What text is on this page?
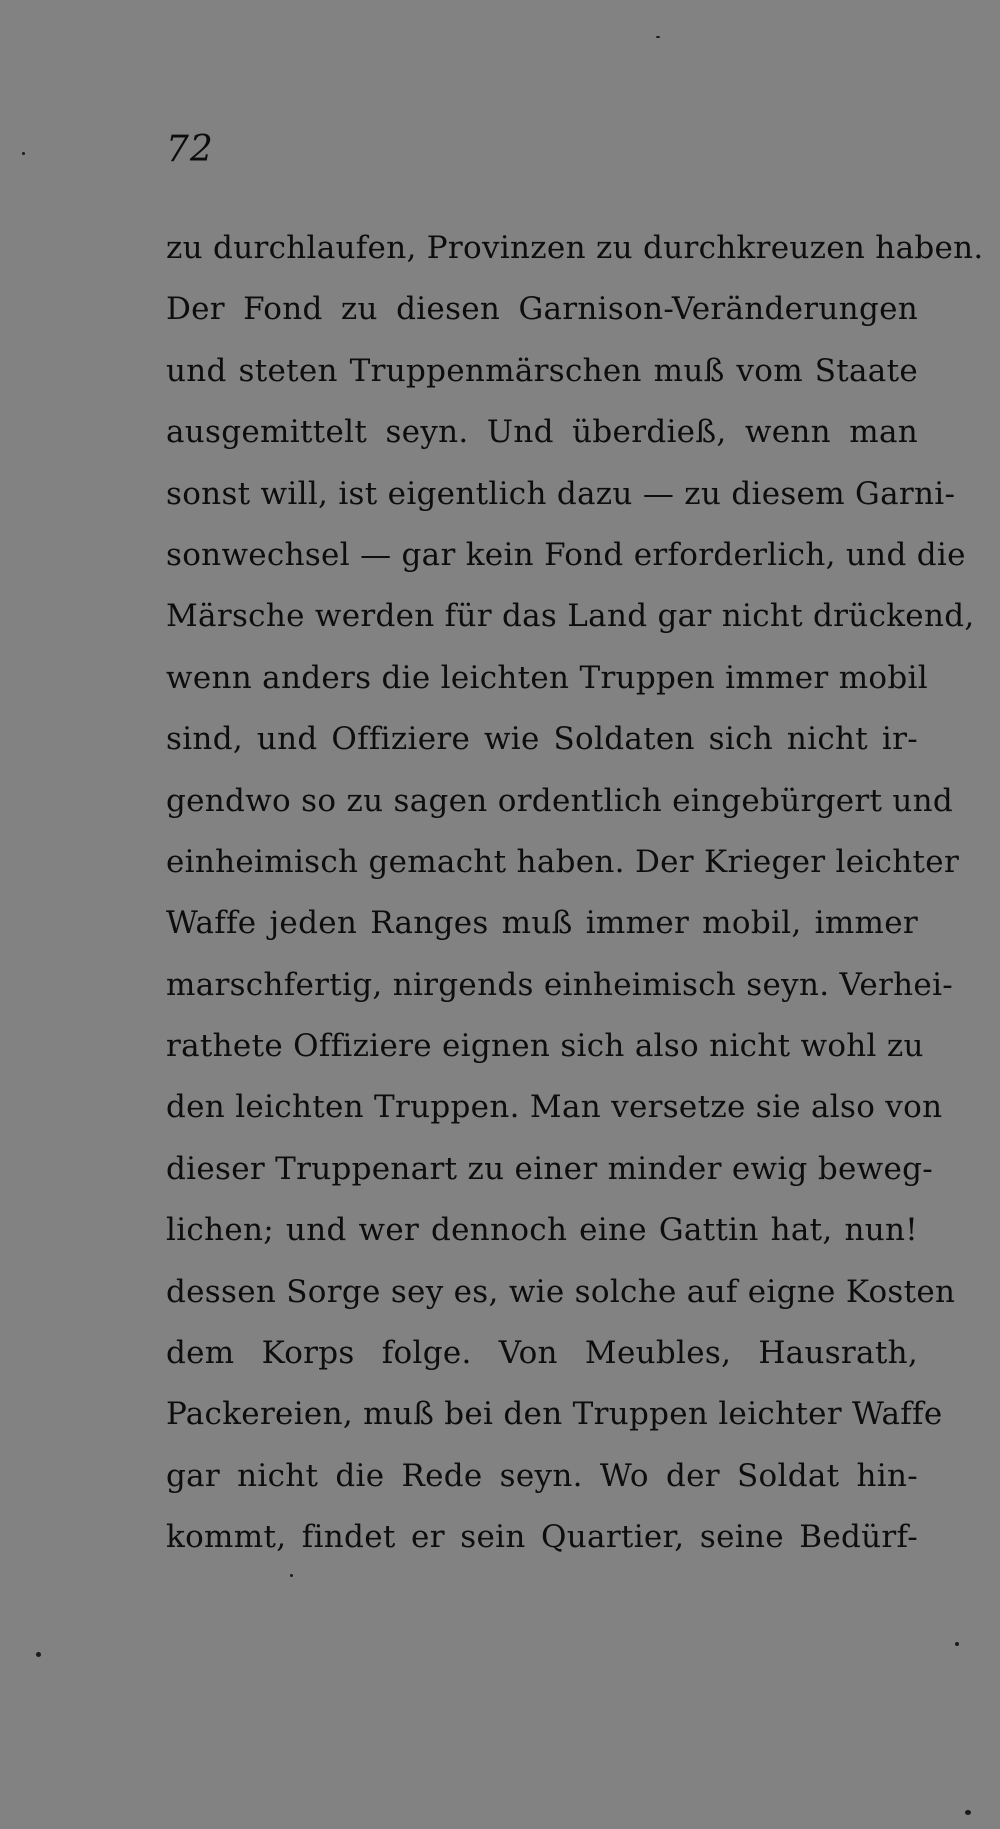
72
zu durchlaufen, Provinzen zu durchkreuzen haben.
Der Fond zu diesen Garnison-Veränderungen
und steten Truppenmärschen muß vom Staate
ausgemittelt seyn. Und überdieß, wenn man
sonst will, ist eigentlich dazu — zu diesem Garni-
sonwechsel — gar kein Fond erforderlich, und die
Märsche werden für das Land gar nicht drückend,
wenn anders die leichten Truppen immer mobil
sind, und Offiziere wie Soldaten sich nicht ir-
gendwo so zu sagen ordentlich eingebürgert und
einheimisch gemacht haben. Der Krieger leichter
Waffe jeden Ranges muß immer mobil, immer
marschfertig, nirgends einheimisch seyn. Verhei-
rathete Offiziere eignen sich also nicht wohl zu
den leichten Truppen. Man versetze sie also von
dieser Truppenart zu einer minder ewig beweg-
lichen; und wer dennoch eine Gattin hat, nun!
dessen Sorge sey es, wie solche auf eigne Kosten
dem Korps folge. Von Meubles, Hausrath,
Packereien, muß bei den Truppen leichter Waffe
gar nicht die Rede seyn. Wo der Soldat hin-
kommt, findet er sein Quartier, seine Bedürf-
